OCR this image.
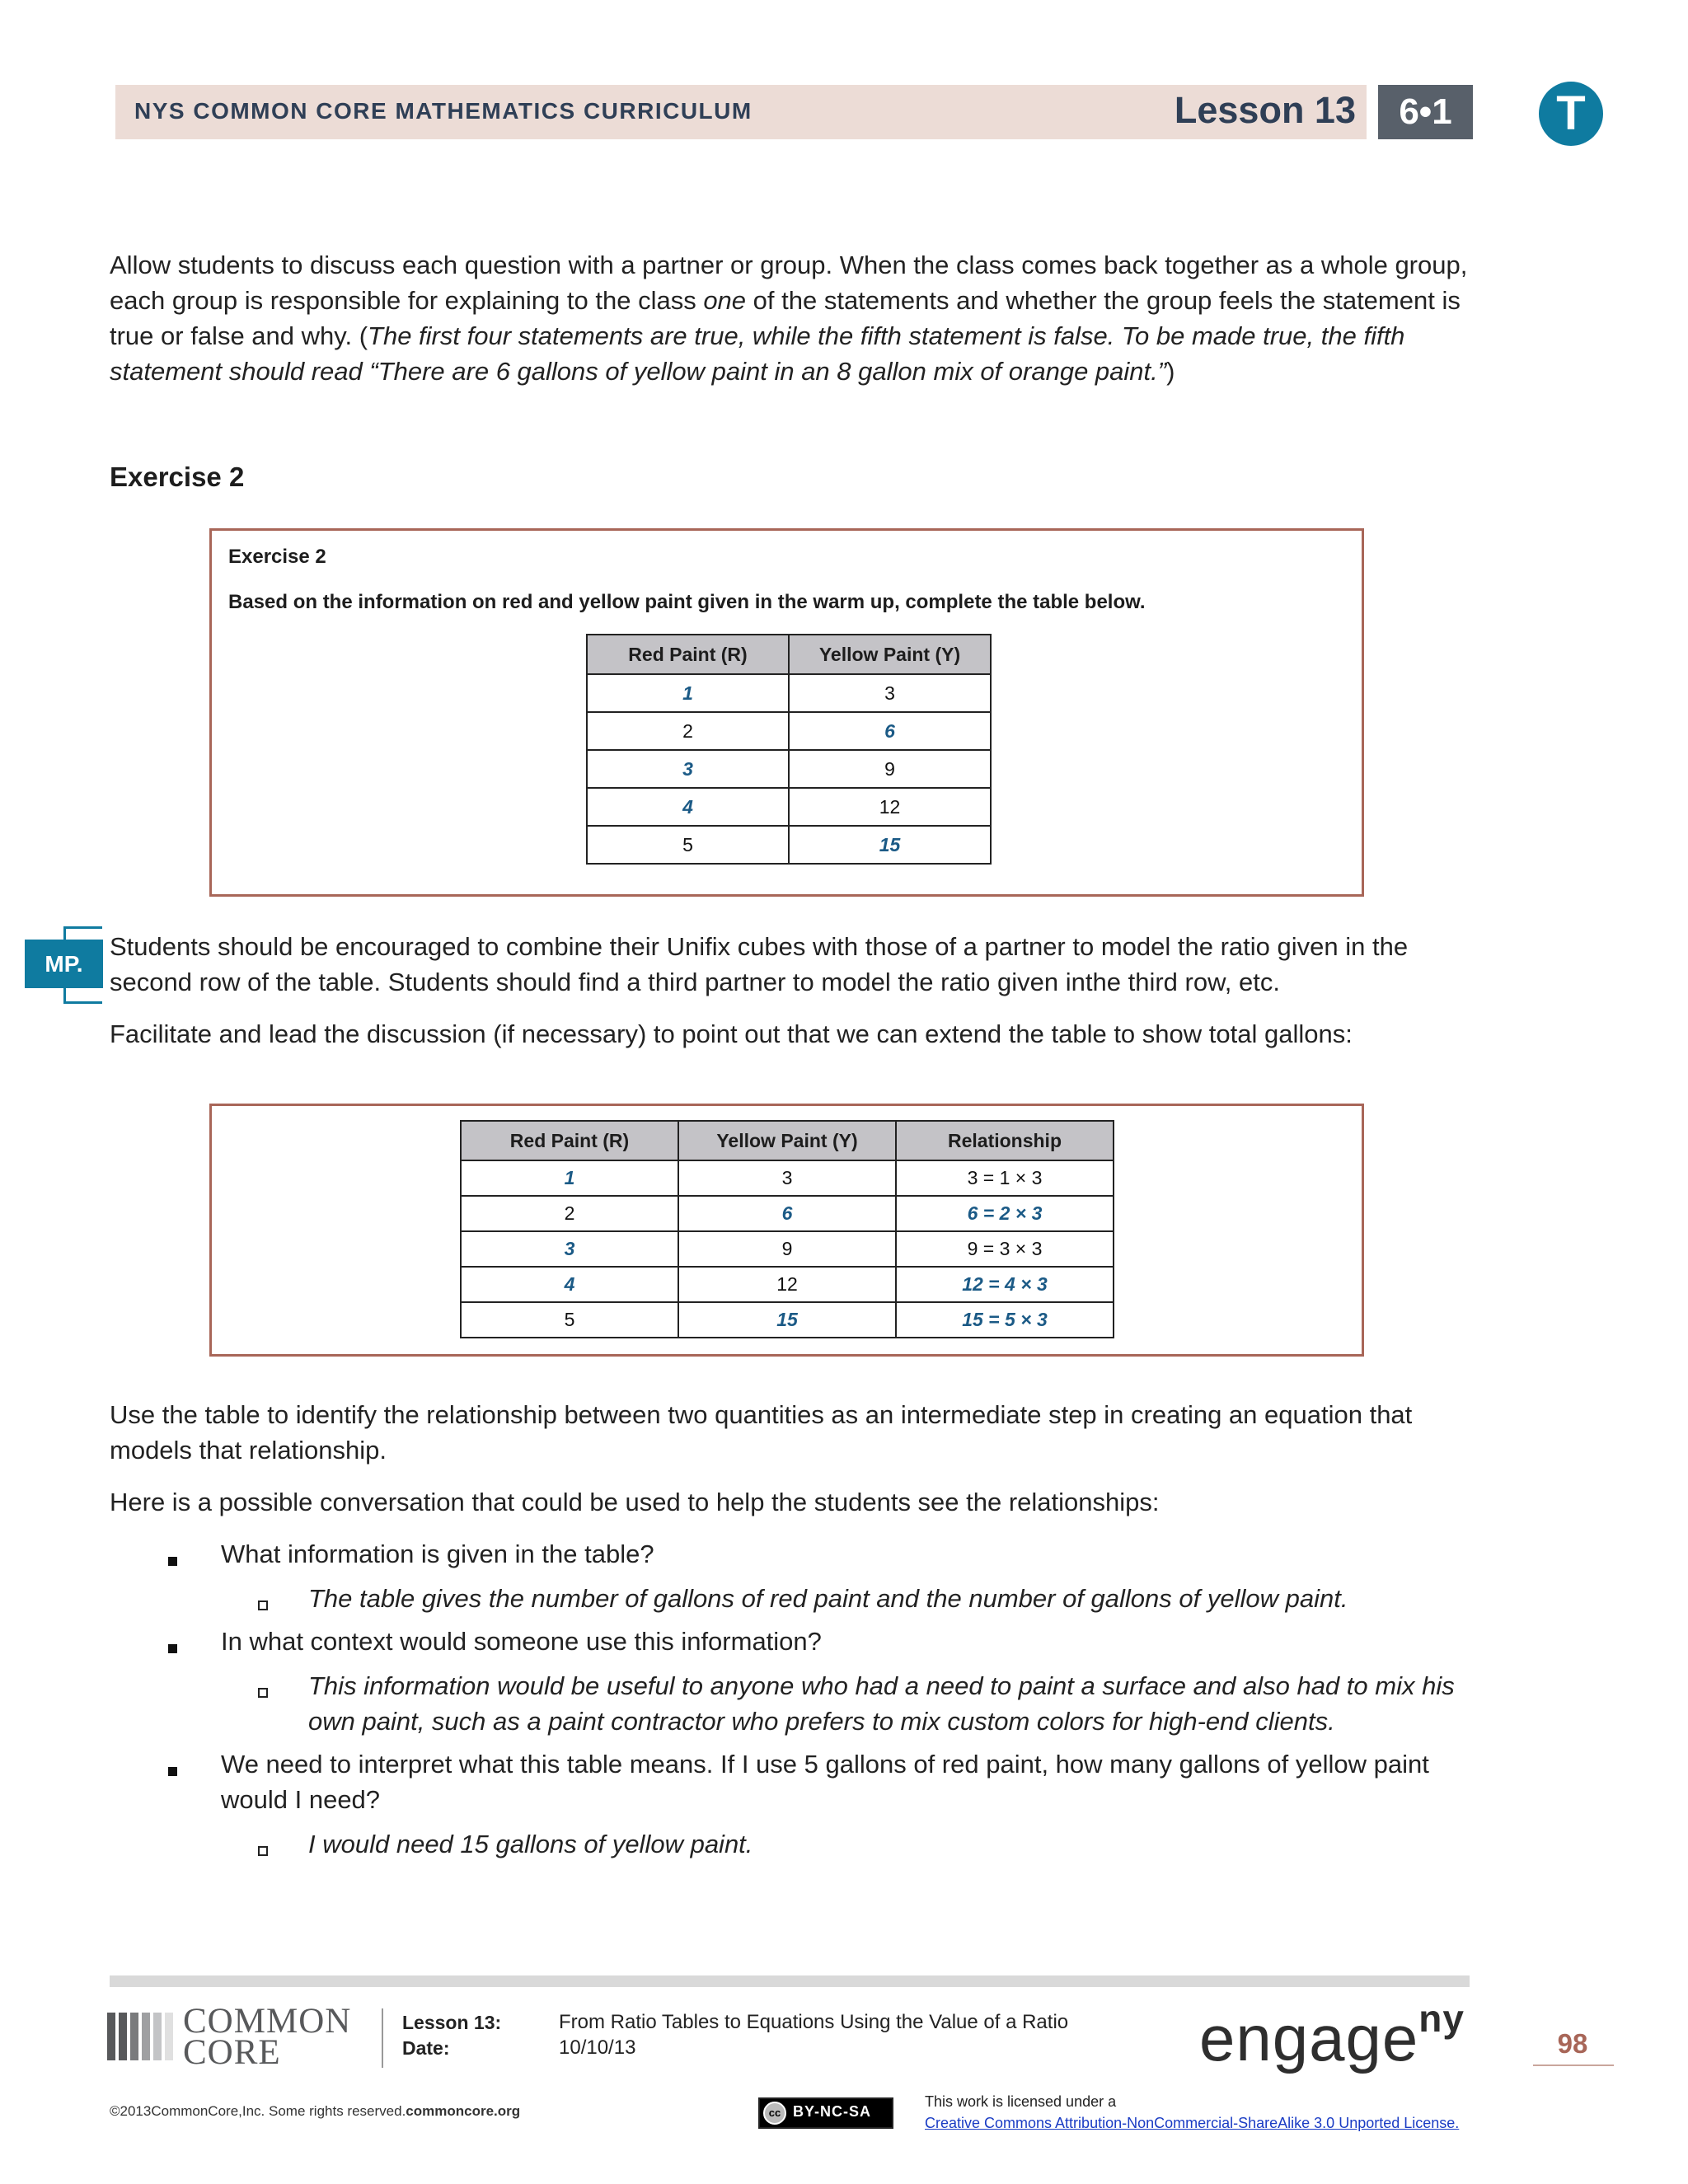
NYS COMMON CORE MATHEMATICS CURRICULUM	Lesson 13	6•1	T
Allow students to discuss each question with a partner or group. When the class comes back together as a whole group, each group is responsible for explaining to the class one of the statements and whether the group feels the statement is true or false and why. (The first four statements are true, while the fifth statement is false. To be made true, the fifth statement should read “There are 6 gallons of yellow paint in an 8 gallon mix of orange paint.”)
Exercise 2
Exercise 2
Based on the information on red and yellow paint given in the warm up, complete the table below.
Red Paint (R)	Yellow Paint (Y)
1	3
2	6
3	9
4	12
5	15
MP.
Students should be encouraged to combine their Unifix cubes with those of a partner to model the ratio given in the second row of the table. Students should find a third partner to model the ratio given inthe third row, etc.
Facilitate and lead the discussion (if necessary) to point out that we can extend the table to show total gallons:
Red Paint (R)	Yellow Paint (Y)	Relationship
1	3	3 = 1 × 3
2	6	6 = 2 × 3
3	9	9 = 3 × 3
4	12	12 = 4 × 3
5	15	15 = 5 × 3
Use the table to identify the relationship between two quantities as an intermediate step in creating an equation that models that relationship.
Here is a possible conversation that could be used to help the students see the relationships:
What information is given in the table?
The table gives the number of gallons of red paint and the number of gallons of yellow paint.
In what context would someone use this information?
This information would be useful to anyone who had a need to paint a surface and also had to mix his own paint, such as a paint contractor who prefers to mix custom colors for high-end clients.
We need to interpret what this table means. If I use 5 gallons of red paint, how many gallons of yellow paint would I need?
I would need 15 gallons of yellow paint.
COMMON
CORE
Lesson 13:
Date:
From Ratio Tables to Equations Using the Value of a Ratio
10/10/13	engage$^{ny}$
98
©2013CommonCore,Inc. Some rights reserved.commoncore.org	cc BY-NC-SA
This work is licensed under a
Creative Commons Attribution-NonCommercial-ShareAlike 3.0 Unported License.
